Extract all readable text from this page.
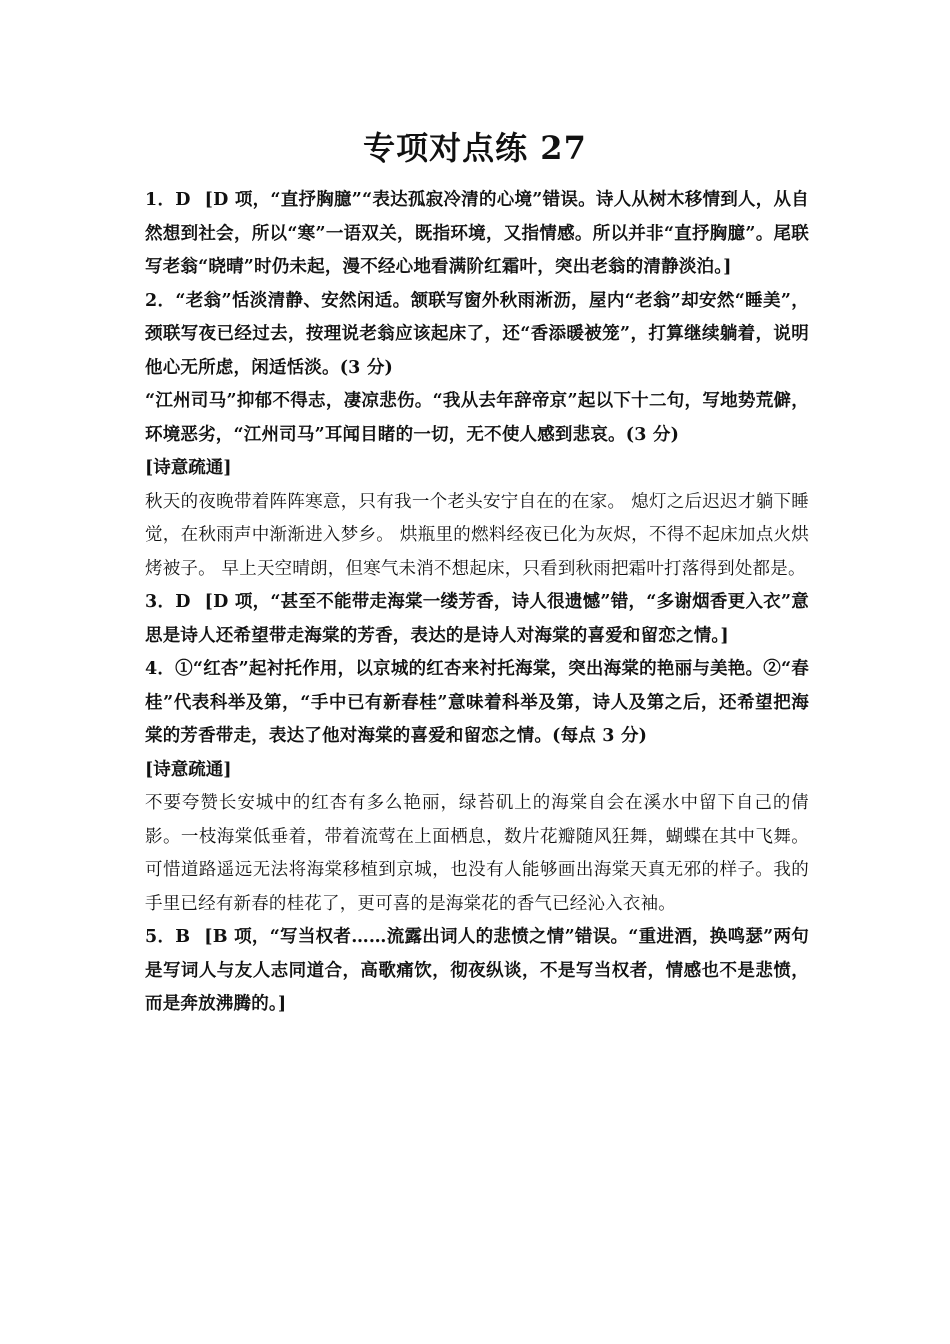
专项对点练 27

1．D [D 项，“直抒胸臆”“表达孤寂冷清的心境”错误。诗人从树木移情到人，从自然想到社会，所以“寒”一语双关，既指环境，又指情感。所以并非“直抒胸臆”。尾联写老翁“晓晴”时仍未起，漫不经心地看满阶红霜叶，突出老翁的清静淡泊。]

2．“老翁”恬淡清静、安然闲适。颔联写窗外秋雨淅沥，屋内“老翁”却安然“睡美”，颈联写夜已经过去，按理说老翁应该起床了，还“香添暖被笼”，打算继续躺着，说明他心无所虑，闲适恬淡。(3 分)

“江州司马”抑郁不得志，凄凉悲伤。“我从去年辞帝京”起以下十二句，写地势荒僻，环境恶劣，“江州司马”耳闻目睹的一切，无不使人感到悲哀。(3 分)

[诗意疏通]

秋天的夜晚带着阵阵寒意，只有我一个老头安宁自在的在家。 熄灯之后迟迟才躺下睡觉，在秋雨声中渐渐进入梦乡。 烘瓶里的燃料经夜已化为灰烬，不得不起床加点火烘烤被子。 早上天空晴朗，但寒气未消不想起床，只看到秋雨把霜叶打落得到处都是。

3．D [D 项，“甚至不能带走海棠一缕芳香，诗人很遗憾”错，“多谢烟香更入衣”意思是诗人还希望带走海棠的芳香，表达的是诗人对海棠的喜爱和留恋之情。]

4．①“红杏”起衬托作用，以京城的红杏来衬托海棠，突出海棠的艳丽与美艳。②“春桂”代表科举及第，“手中已有新春桂”意味着科举及第，诗人及第之后，还希望把海棠的芳香带走，表达了他对海棠的喜爱和留恋之情。(每点 3 分)

[诗意疏通]

不要夸赞长安城中的红杏有多么艳丽，绿苔矶上的海棠自会在溪水中留下自己的倩影。一枝海棠低垂着，带着流莺在上面栖息，数片花瓣随风狂舞，蝴蝶在其中飞舞。可惜道路遥远无法将海棠移植到京城，也没有人能够画出海棠天真无邪的样子。我的手里已经有新春的桂花了，更可喜的是海棠花的香气已经沁入衣袖。

5．B [B 项，“写当权者……流露出词人的悲愤之情”错误。“重进酒，换鸣瑟”两句是写词人与友人志同道合，高歌痛饮，彻夜纵谈，不是写当权者，情感也不是悲愤，而是奔放沸腾的。]
